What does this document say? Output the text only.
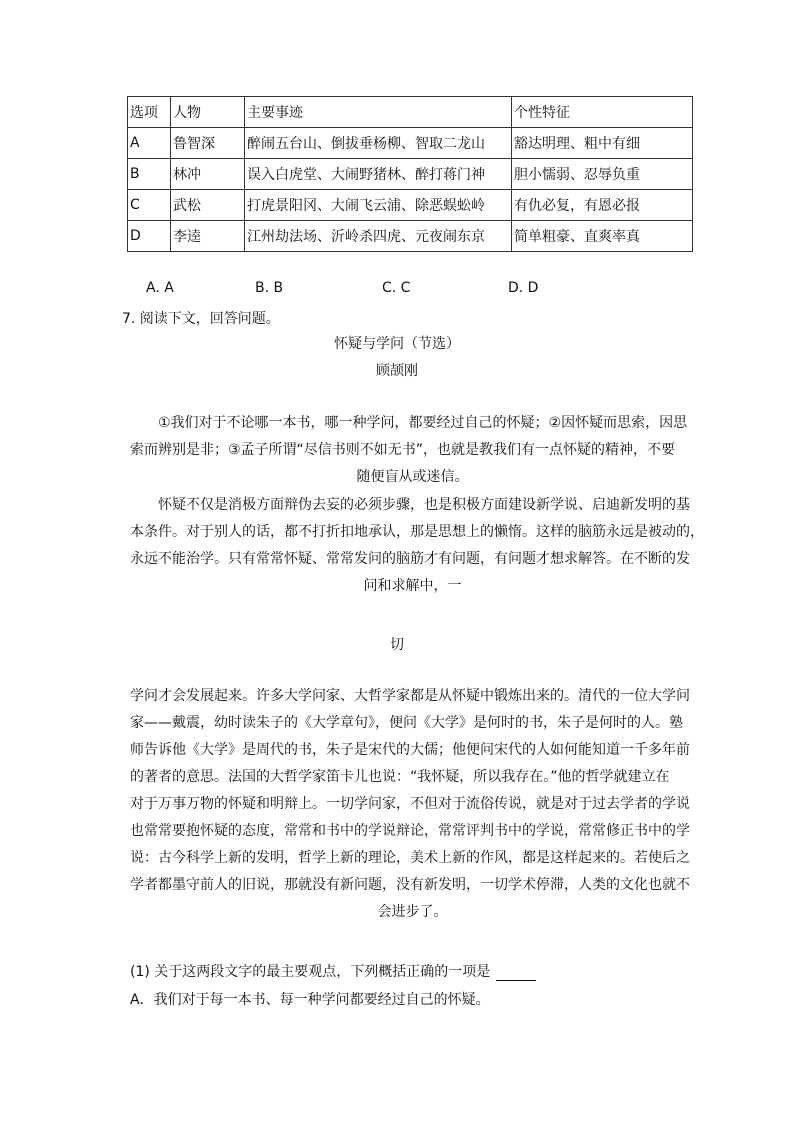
选项	人物	主要事迹	个性特征
A	鲁智深	醉闹五台山、倒拔垂杨柳、智取二龙山	豁达明理、粗中有细
B	林冲	误入白虎堂、大闹野猪林、醉打蒋门神	胆小懦弱、忍辱负重
C	武松	打虎景阳冈、大闹飞云浦、除恶蜈蚣岭	有仇必复，有恩必报
D	李逵	江州劫法场、沂岭杀四虎、元夜闹东京	简单粗豪、直爽率真
A. A	B. B	C. C	D. D
7. 阅读下文，回答问题。
怀疑与学问（节选）
顾颉刚
①我们对于不论哪一本书，哪一种学问，都要经过自己的怀疑；②因怀疑而思索，因思
索而辨别是非；③孟子所谓“尽信书则不如无书”，也就是教我们有一点怀疑的精神，不要
随便盲从或迷信。
怀疑不仅是消极方面辩伪去妄的必须步骤，也是积极方面建设新学说、启迪新发明的基
本条件。对于别人的话，都不打折扣地承认，那是思想上的懒惰。这样的脑筋永远是被动的，
永远不能治学。只有常常怀疑、常常发问的脑筋才有问题，有问题才想求解答。在不断的发
问和求解中，一
切
学问才会发展起来。许多大学问家、大哲学家都是从怀疑中锻炼出来的。清代的一位大学问
家——戴震，幼时读朱子的《大学章句》，便问《大学》是何时的书，朱子是何时的人。塾
师告诉他《大学》是周代的书，朱子是宋代的大儒；他便问宋代的人如何能知道一千多年前
的著者的意思。法国的大哲学家笛卡儿也说：“我怀疑，所以我存在。”他的哲学就建立在
对于万事万物的怀疑和明辩上。一切学问家，不但对于流俗传说，就是对于过去学者的学说
也常常要抱怀疑的态度，常常和书中的学说辩论，常常评判书中的学说，常常修正书中的学
说：古今科学上新的发明，哲学上新的理论，美术上新的作风，都是这样起来的。若使后之
学者都墨守前人的旧说，那就没有新问题，没有新发明，一切学术停滞，人类的文化也就不
会进步了。
(1) 关于这两段文字的最主要观点，下列概括正确的一项是
A．我们对于每一本书、每一种学问都要经过自己的怀疑。
